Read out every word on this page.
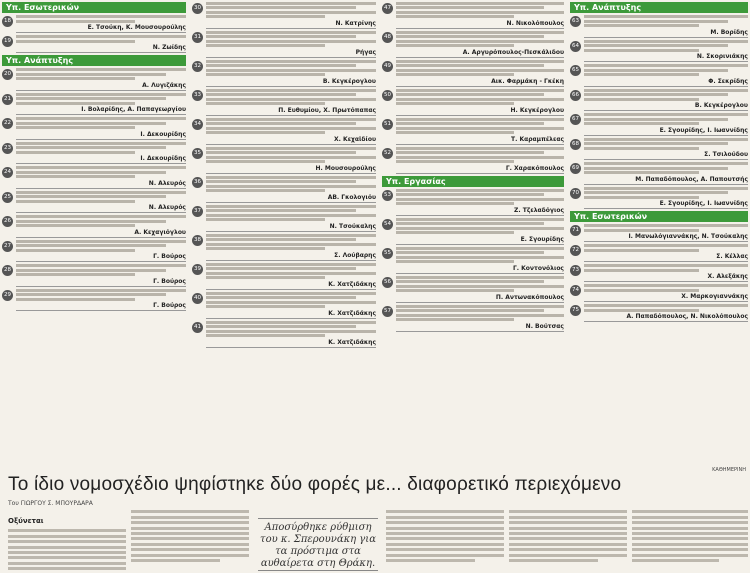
Υπ. Εσωτερικών
18
Ε. Τσούκη, Κ. Μουσουρούλης
19
Ν. Ζωίδης
Υπ. Ανάπτυξης
20
Α. Λυγιζάκης
21
Ι. Βολαρίδης, Α. Παπαγεωργίου
22
Ι. Δεκουρίδης
23
Ι. Δεκουρίδης
24
Ν. Αλευρός
25
Ν. Αλευρός
26
Α. Κεχαγιόγλου
27
Γ. Βούρος
28
Γ. Βούρος
29
Γ. Βούρος
30
Ν. Κατρίνης
31
Ρήγας
32
Β. Κεγκέρογλου
33
Π. Ευθυμίου, Χ. Πρωτόπαπας
34
Χ. Κεχαϊδίου
35
Η. Μουσουρούλης
36
ΑΒ. Γκολογιόυ
37
Ν. Τσούκαλης
38
Σ. Λούβαρης
39
Κ. Χατζιδάκης
40
Κ. Χατζιδάκης
41
Κ. Χατζιδάκης
47
Ν. Νικολόπουλος
48
Α. Αργυρόπουλος-Πεσκάλιδου
49
Αικ. Φαρμάκη - Γκέκη
50
Η. Κεγκέρογλου
51
Τ. Καραμπέλεας
52
Γ. Χαρακόπουλος
Υπ. Εργασίας
53
Ζ. Τζελαδόγιος
54
Ε. Σγουρίδης
55
Γ. Κοντονόλιος
56
Π. Αντωνακόπουλος
57
Ν. Βούτσας
Υπ. Ανάπτυξης
63
Μ. Βορίδης
64
Ν. Σκορινιάκης
65
Φ. Σεκρίδης
66
Β. Κεγκέρογλου
67
Ε. Σγουρίδης, Ι. Ιωαννίδης
68
Σ. Τσιλούδου
69
Μ. Παπαδόπουλος, Α. Παπουτσής
70
Ε. Σγουρίδης, Ι. Ιωαννίδης
Υπ. Εσωτερικών
71
Ι. Μανωλόγιαννάκης, Ν. Τσούκαλης
72
Σ. Κέλλας
73
Χ. Αλεξάκης
74
Χ. Μαρκογιαννάκης
75
Α. Παπαδόπουλος, Ν. Νικολόπουλος
ΚΑΘΗΜΕΡΙΝΗ
Το ίδιο νομοσχέδιο ψηφίστηκε δύο φορές με... διαφορετικό περιεχόμενο
Του ΓΙΩΡΓΟΥ Σ. ΜΠΟΥΡΔΑΡΑ
Οξύνεται
Αποσύρθηκε ρύθμιση του κ. Σπερουνάκη για τα πρόστιμα στα αυθαίρετα στη Θράκη.
